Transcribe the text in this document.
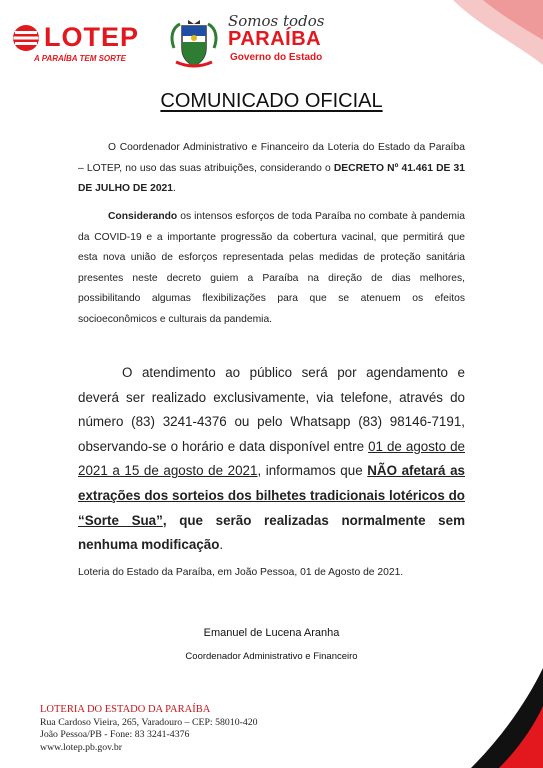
LOTEP
A PARAÍBA TEM SORTE
Somos todos
PARAÍBA
Governo do Estado
COMUNICADO OFICIAL
O Coordenador Administrativo e Financeiro da Loteria do Estado da Paraíba – LOTEP, no uso das suas atribuições, considerando o DECRETO Nº 41.461 DE 31 DE JULHO DE 2021.
Considerando os intensos esforços de toda Paraíba no combate à pandemia da COVID-19 e a importante progressão da cobertura vacinal, que permitirá que esta nova união de esforços representada pelas medidas de proteção sanitária presentes neste decreto guiem a Paraíba na direção de dias melhores, possibilitando algumas flexibilizações para que se atenuem os efeitos socioeconômicos e culturais da pandemia.
O atendimento ao público será por agendamento e deverá ser realizado exclusivamente, via telefone, através do número (83) 3241-4376 ou pelo Whatsapp (83) 98146-7191, observando-se o horário e data disponível entre 01 de agosto de 2021 a 15 de agosto de 2021, informamos que NÃO afetará as extrações dos sorteios dos bilhetes tradicionais lotéricos do “Sorte Sua”, que serão realizadas normalmente sem nenhuma modificação.
Loteria do Estado da Paraíba, em João Pessoa, 01 de Agosto de 2021.
Emanuel de Lucena Aranha
Coordenador Administrativo e Financeiro
LOTERIA DO ESTADO DA PARAÍBA
Rua Cardoso Vieira, 265, Varadouro – CEP: 58010-420
João Pessoa/PB - Fone: 83 3241-4376
www.lotep.pb.gov.br
